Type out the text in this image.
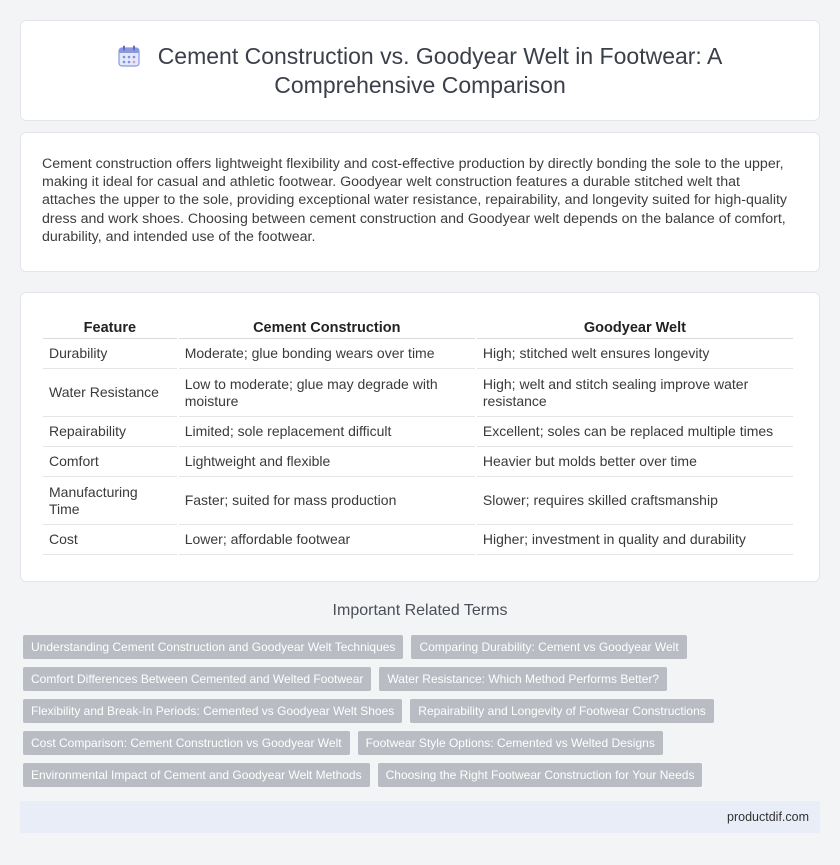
Cement Construction vs. Goodyear Welt in Footwear: A Comprehensive Comparison

Cement construction offers lightweight flexibility and cost-effective production by directly bonding the sole to the upper, making it ideal for casual and athletic footwear. Goodyear welt construction features a durable stitched welt that attaches the upper to the sole, providing exceptional water resistance, repairability, and longevity suited for high-quality dress and work shoes. Choosing between cement construction and Goodyear welt depends on the balance of comfort, durability, and intended use of the footwear.

Feature	Cement Construction	Goodyear Welt
Durability	Moderate; glue bonding wears over time	High; stitched welt ensures longevity
Water Resistance	Low to moderate; glue may degrade with moisture	High; welt and stitch sealing improve water resistance
Repairability	Limited; sole replacement difficult	Excellent; soles can be replaced multiple times
Comfort	Lightweight and flexible	Heavier but molds better over time
Manufacturing Time	Faster; suited for mass production	Slower; requires skilled craftsmanship
Cost	Lower; affordable footwear	Higher; investment in quality and durability
Important Related Terms
Understanding Cement Construction and Goodyear Welt Techniques	Comparing Durability: Cement vs Goodyear Welt
Comfort Differences Between Cemented and Welted Footwear	Water Resistance: Which Method Performs Better?
Flexibility and Break-In Periods: Cemented vs Goodyear Welt Shoes	Repairability and Longevity of Footwear Constructions
Cost Comparison: Cement Construction vs Goodyear Welt	Footwear Style Options: Cemented vs Welted Designs
Environmental Impact of Cement and Goodyear Welt Methods	Choosing the Right Footwear Construction for Your Needs
productdif.com
